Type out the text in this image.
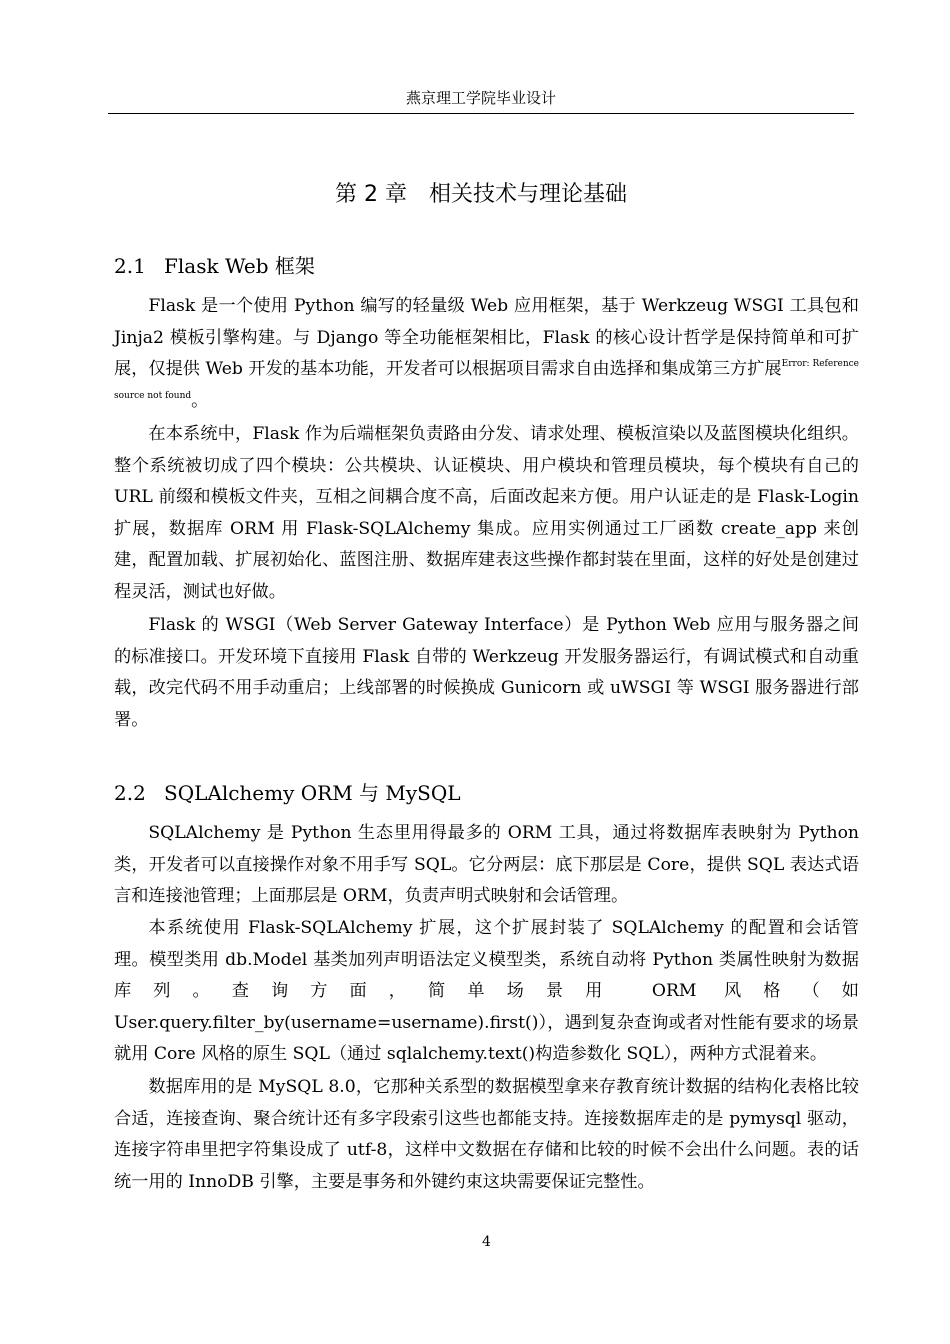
燕京理工学院毕业设计
第 2 章　相关技术与理论基础
2.1 Flask Web 框架

Flask 是一个使用 Python 编写的轻量级 Web 应用框架，基于 Werkzeug WSGI 工具包和 Jinja2 模板引擎构建。与 Django 等全功能框架相比，Flask 的核心设计哲学是保持简单和可扩展，仅提供 Web 开发的基本功能，开发者可以根据项目需求自由选择和集成第三方扩展$^{Error: Reference source not found}$。

在本系统中，Flask 作为后端框架负责路由分发、请求处理、模板渲染以及蓝图模块化组织。整个系统被切成了四个模块：公共模块、认证模块、用户模块和管理员模块，每个模块有自己的 URL 前缀和模板文件夹，互相之间耦合度不高，后面改起来方便。用户认证走的是 Flask-Login 扩展，数据库 ORM 用 Flask-SQLAlchemy 集成。应用实例通过工厂函数 create_app 来创建，配置加载、扩展初始化、蓝图注册、数据库建表这些操作都封装在里面，这样的好处是创建过程灵活，测试也好做。

Flask 的 WSGI（Web Server Gateway Interface）是 Python Web 应用与服务器之间的标准接口。开发环境下直接用 Flask 自带的 Werkzeug 开发服务器运行，有调试模式和自动重载，改完代码不用手动重启；上线部署的时候换成 Gunicorn 或 uWSGI 等 WSGI 服务器进行部署。

2.2 SQLAlchemy ORM 与 MySQL

SQLAlchemy 是 Python 生态里用得最多的 ORM 工具，通过将数据库表映射为 Python 类，开发者可以直接操作对象不用手写 SQL。它分两层：底下那层是 Core，提供 SQL 表达式语言和连接池管理；上面那层是 ORM，负责声明式映射和会话管理。

本系统使用 Flask-SQLAlchemy 扩展，这个扩展封装了 SQLAlchemy 的配置和会话管理。模型类用 db.Model 基类加列声明语法定义模型类，系统自动将 Python 类属性映射为数据库列。查询方面，简单场景用 ORM 风格（如 User.query.filter_by(username=username).first()），遇到复杂查询或者对性能有要求的场景就用 Core 风格的原生 SQL（通过 sqlalchemy.text()构造参数化 SQL），两种方式混着来。

数据库用的是 MySQL 8.0，它那种关系型的数据模型拿来存教育统计数据的结构化表格比较合适，连接查询、聚合统计还有多字段索引这些也都能支持。连接数据库走的是 pymysql 驱动，连接字符串里把字符集设成了 utf-8，这样中文数据在存储和比较的时候不会出什么问题。表的话统一用的 InnoDB 引擎，主要是事务和外键约束这块需要保证完整性。

4
